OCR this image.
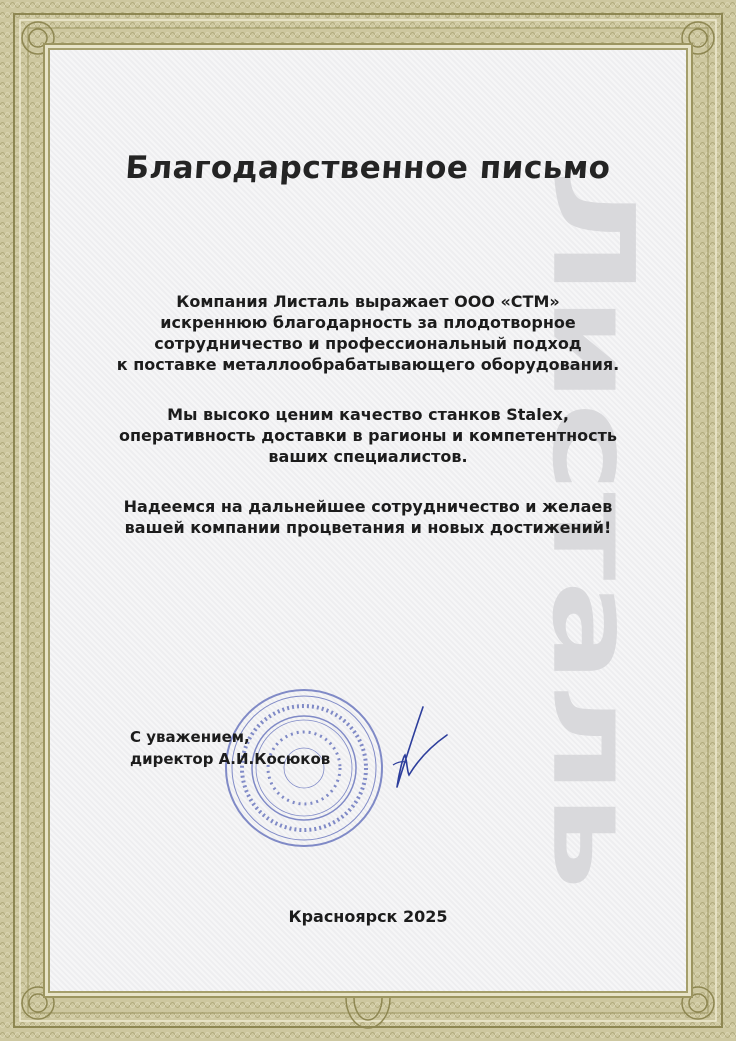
Листаль
Благодарственное письмо
Компания Листаль выражает ООО «СТМ»
искреннюю благодарность за плодотворное
сотрудничество и профессиональный подход
к поставке металлообрабатывающего оборудования.
Мы высоко ценим качество станков Stalex,
оперативность доставки в рагионы и компетентность
ваших специалистов.
Надеемся на дальнейшее сотрудничество и желаев
вашей компании процветания и новых достижений!
С уважением,
директор А.И.Косюков
Красноярск 2025
